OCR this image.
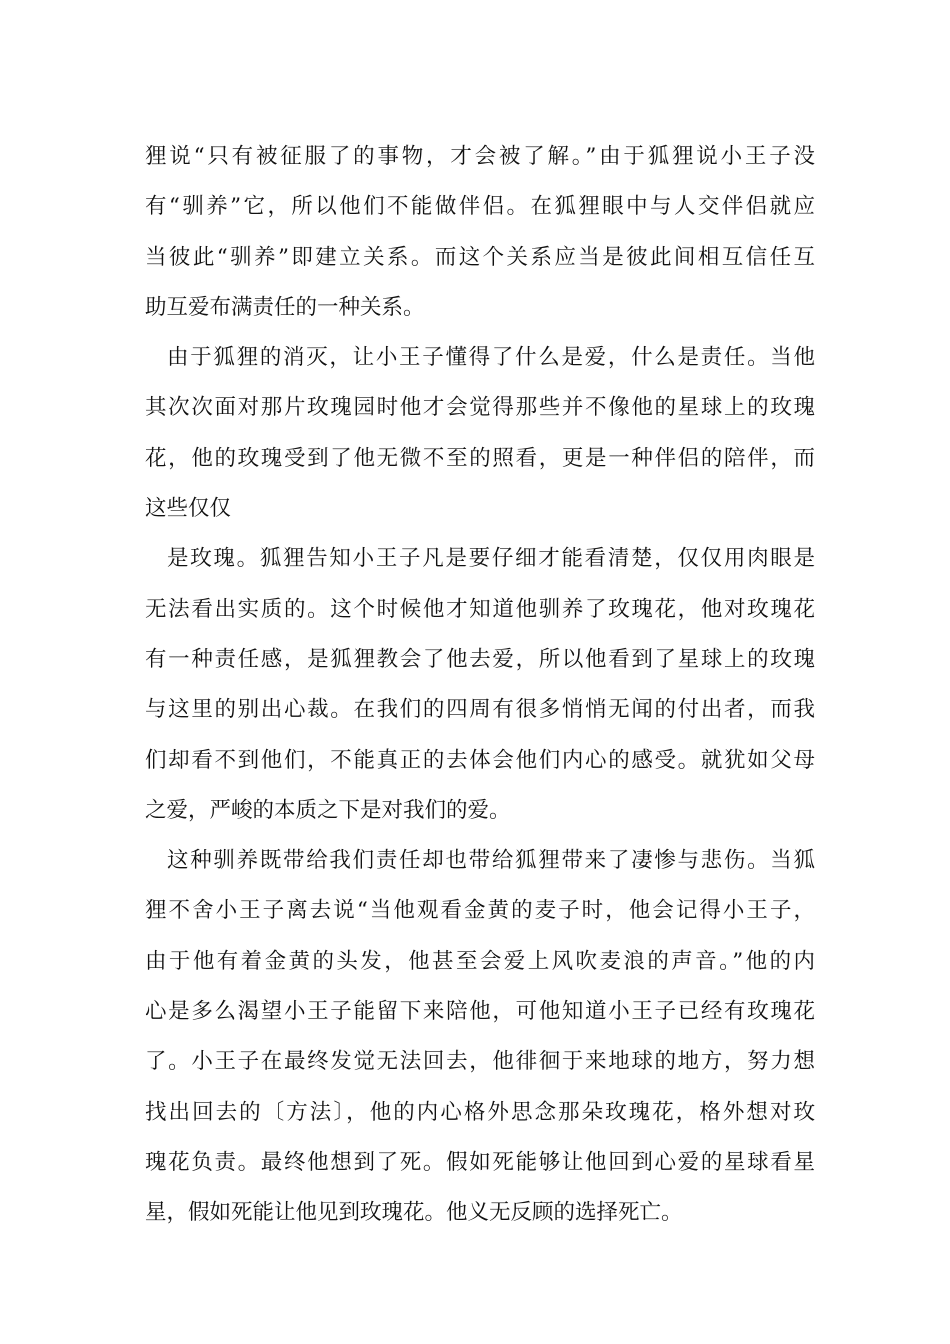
狸说“只有被征服了的事物，才会被了解。”由于狐狸说小王子没
有“驯养”它，所以他们不能做伴侣。在狐狸眼中与人交伴侣就应
当彼此“驯养”即建立关系。而这个关系应当是彼此间相互信任互
助互爱布满责任的一种关系。
由于狐狸的消灭，让小王子懂得了什么是爱，什么是责任。当他
其次次面对那片玫瑰园时他才会觉得那些并不像他的星球上的玫瑰
花，他的玫瑰受到了他无微不至的照看，更是一种伴侣的陪伴，而
这些仅仅
是玫瑰。狐狸告知小王子凡是要仔细才能看清楚，仅仅用肉眼是
无法看出实质的。这个时候他才知道他驯养了玫瑰花，他对玫瑰花
有一种责任感，是狐狸教会了他去爱，所以他看到了星球上的玫瑰
与这里的别出心裁。在我们的四周有很多悄悄无闻的付出者，而我
们却看不到他们，不能真正的去体会他们内心的感受。就犹如父母
之爱，严峻的本质之下是对我们的爱。
这种驯养既带给我们责任却也带给狐狸带来了凄惨与悲伤。当狐
狸不舍小王子离去说“当他观看金黄的麦子时，他会记得小王子，
由于他有着金黄的头发，他甚至会爱上风吹麦浪的声音。”他的内
心是多么渴望小王子能留下来陪他，可他知道小王子已经有玫瑰花
了。小王子在最终发觉无法回去，他徘徊于来地球的地方，努力想
找出回去的〔方法〕，他的内心格外思念那朵玫瑰花，格外想对玫
瑰花负责。最终他想到了死。假如死能够让他回到心爱的星球看星
星，假如死能让他见到玫瑰花。他义无反顾的选择死亡。
